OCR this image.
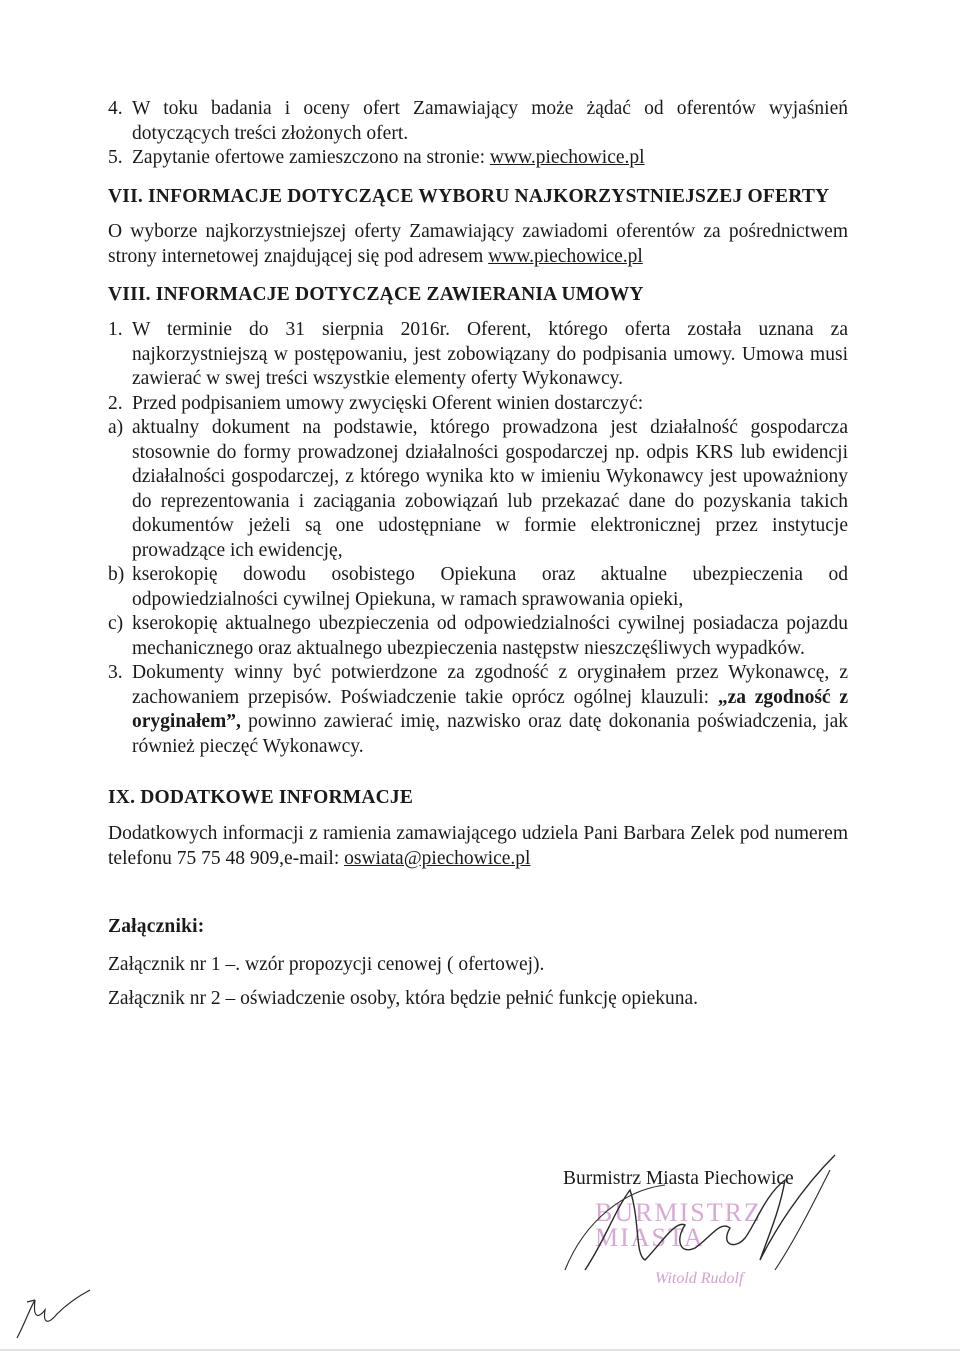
4. W toku badania i oceny ofert Zamawiający może żądać od oferentów wyjaśnień dotyczących treści złożonych ofert.
5. Zapytanie ofertowe zamieszczono na stronie: www.piechowice.pl
VII. INFORMACJE DOTYCZĄCE WYBORU NAJKORZYSTNIEJSZEJ OFERTY

O wyborze najkorzystniejszej oferty Zamawiający zawiadomi oferentów za pośrednictwem strony internetowej znajdującej się pod adresem www.piechowice.pl

VIII. INFORMACJE DOTYCZĄCE ZAWIERANIA UMOWY
1. W terminie do 31 sierpnia 2016r. Oferent, którego oferta została uznana za najkorzystniejszą w postępowaniu, jest zobowiązany do podpisania umowy. Umowa musi zawierać w swej treści wszystkie elementy oferty Wykonawcy.
2. Przed podpisaniem umowy zwycięski Oferent winien dostarczyć:
a) aktualny dokument na podstawie, którego prowadzona jest działalność gospodarcza stosownie do formy prowadzonej działalności gospodarczej np. odpis KRS lub ewidencji działalności gospodarczej, z którego wynika kto w imieniu Wykonawcy jest upoważniony do reprezentowania i zaciągania zobowiązań lub przekazać dane do pozyskania takich dokumentów jeżeli są one udostępniane w formie elektronicznej przez instytucje prowadzące ich ewidencję,
b) kserokopię dowodu osobistego Opiekuna oraz aktualne ubezpieczenia od odpowiedzialności cywilnej Opiekuna, w ramach sprawowania opieki,
c) kserokopię aktualnego ubezpieczenia od odpowiedzialności cywilnej posiadacza pojazdu mechanicznego oraz aktualnego ubezpieczenia następstw nieszczęśliwych wypadków.
3. Dokumenty winny być potwierdzone za zgodność z oryginałem przez Wykonawcę, z zachowaniem przepisów. Poświadczenie takie oprócz ogólnej klauzuli: „za zgodność z oryginałem”, powinno zawierać imię, nazwisko oraz datę dokonania poświadczenia, jak również pieczęć Wykonawcy.
IX. DODATKOWE INFORMACJE

Dodatkowych informacji z ramienia zamawiającego udziela Pani Barbara Zelek pod numerem telefonu 75 75 48 909,e-mail: oswiata@piechowice.pl

Załączniki:

Załącznik nr 1 –. wzór propozycji cenowej ( ofertowej).

Załącznik nr 2 – oświadczenie osoby, która będzie pełnić funkcję opiekuna.

Burmistrz Miasta Piechowice
BURMISTRZ MIASTA
Witold Rudolf
